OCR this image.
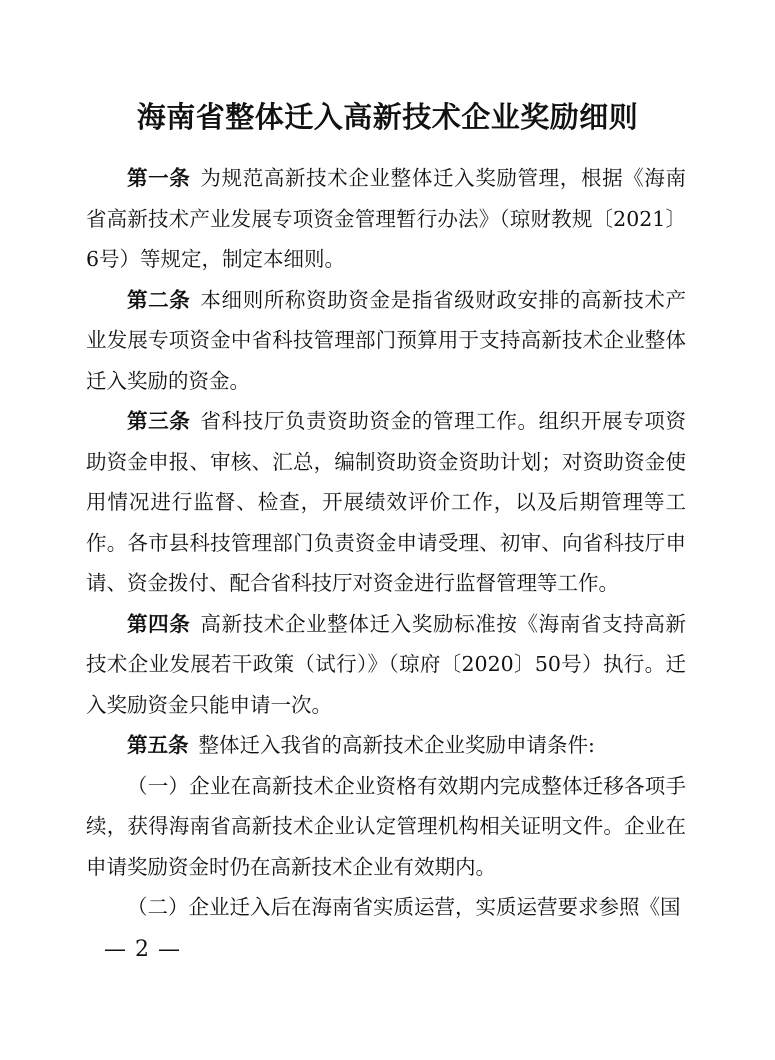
海南省整体迁入高新技术企业奖励细则

第一条 为规范高新技术企业整体迁入奖励管理，根据《海南省高新技术产业发展专项资金管理暂行办法》（琼财教规〔2021〕6号）等规定，制定本细则。

第二条 本细则所称资助资金是指省级财政安排的高新技术产业发展专项资金中省科技管理部门预算用于支持高新技术企业整体迁入奖励的资金。

第三条 省科技厅负责资助资金的管理工作。组织开展专项资助资金申报、审核、汇总，编制资助资金资助计划；对资助资金使用情况进行监督、检查，开展绩效评价工作，以及后期管理等工作。各市县科技管理部门负责资金申请受理、初审、向省科技厅申请、资金拨付、配合省科技厅对资金进行监督管理等工作。

第四条 高新技术企业整体迁入奖励标准按《海南省支持高新技术企业发展若干政策（试行）》（琼府〔2020〕50号）执行。迁入奖励资金只能申请一次。

第五条 整体迁入我省的高新技术企业奖励申请条件:

（一）企业在高新技术企业资格有效期内完成整体迁移各项手续，获得海南省高新技术企业认定管理机构相关证明文件。企业在申请奖励资金时仍在高新技术企业有效期内。

（二）企业迁入后在海南省实质运营，实质运营要求参照《国

— 2 —
